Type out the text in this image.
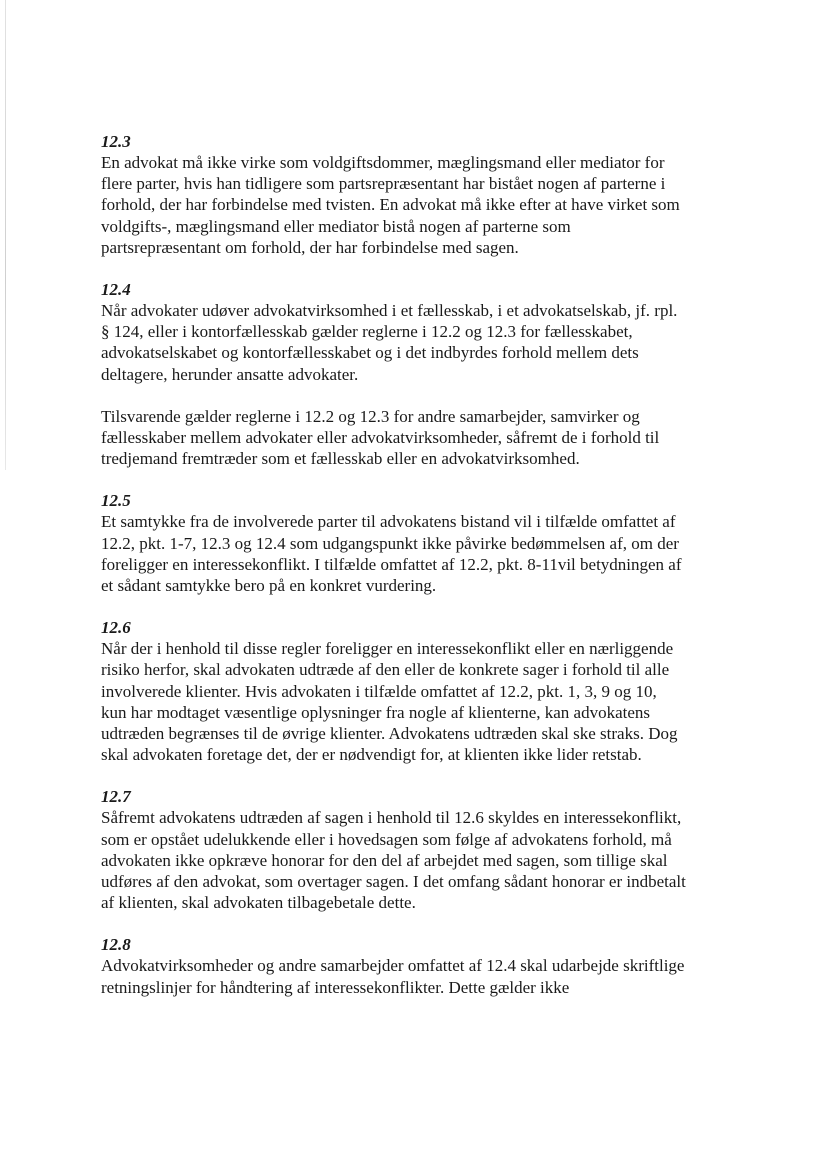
12.3

En advokat må ikke virke som voldgiftsdommer, mæglingsmand eller mediator for
flere parter, hvis han tidligere som partsrepræsentant har bistået nogen af parterne i
forhold, der har forbindelse med tvisten. En advokat må ikke efter at have virket som
voldgifts-, mæglingsmand eller mediator bistå nogen af parterne som
partsrepræsentant om forhold, der har forbindelse med sagen.

12.4

Når advokater udøver advokatvirksomhed i et fællesskab, i et advokatselskab, jf. rpl.
§ 124, eller i kontorfællesskab gælder reglerne i 12.2 og 12.3 for fællesskabet,
advokatselskabet og kontorfællesskabet og i det indbyrdes forhold mellem dets
deltagere, herunder ansatte advokater.

Tilsvarende gælder reglerne i 12.2 og 12.3 for andre samarbejder, samvirker og
fællesskaber mellem advokater eller advokatvirksomheder, såfremt de i forhold til
tredjemand fremtræder som et fællesskab eller en advokatvirksomhed.

12.5

Et samtykke fra de involverede parter til advokatens bistand vil i tilfælde omfattet af
12.2, pkt. 1-7, 12.3 og 12.4 som udgangspunkt ikke påvirke bedømmelsen af, om der
foreligger en interessekonflikt. I tilfælde omfattet af 12.2, pkt. 8-11vil betydningen af
et sådant samtykke bero på en konkret vurdering.

12.6

Når der i henhold til disse regler foreligger en interessekonflikt eller en nærliggende
risiko herfor, skal advokaten udtræde af den eller de konkrete sager i forhold til alle
involverede klienter. Hvis advokaten i tilfælde omfattet af 12.2, pkt. 1, 3, 9 og 10,
kun har modtaget væsentlige oplysninger fra nogle af klienterne, kan advokatens
udtræden begrænses til de øvrige klienter. Advokatens udtræden skal ske straks. Dog
skal advokaten foretage det, der er nødvendigt for, at klienten ikke lider retstab.

12.7

Såfremt advokatens udtræden af sagen i henhold til 12.6 skyldes en interessekonflikt,
som er opstået udelukkende eller i hovedsagen som følge af advokatens forhold, må
advokaten ikke opkræve honorar for den del af arbejdet med sagen, som tillige skal
udføres af den advokat, som overtager sagen. I det omfang sådant honorar er indbetalt
af klienten, skal advokaten tilbagebetale dette.

12.8

Advokatvirksomheder og andre samarbejder omfattet af 12.4 skal udarbejde skriftlige
retningslinjer for håndtering af interessekonflikter. Dette gælder ikke
